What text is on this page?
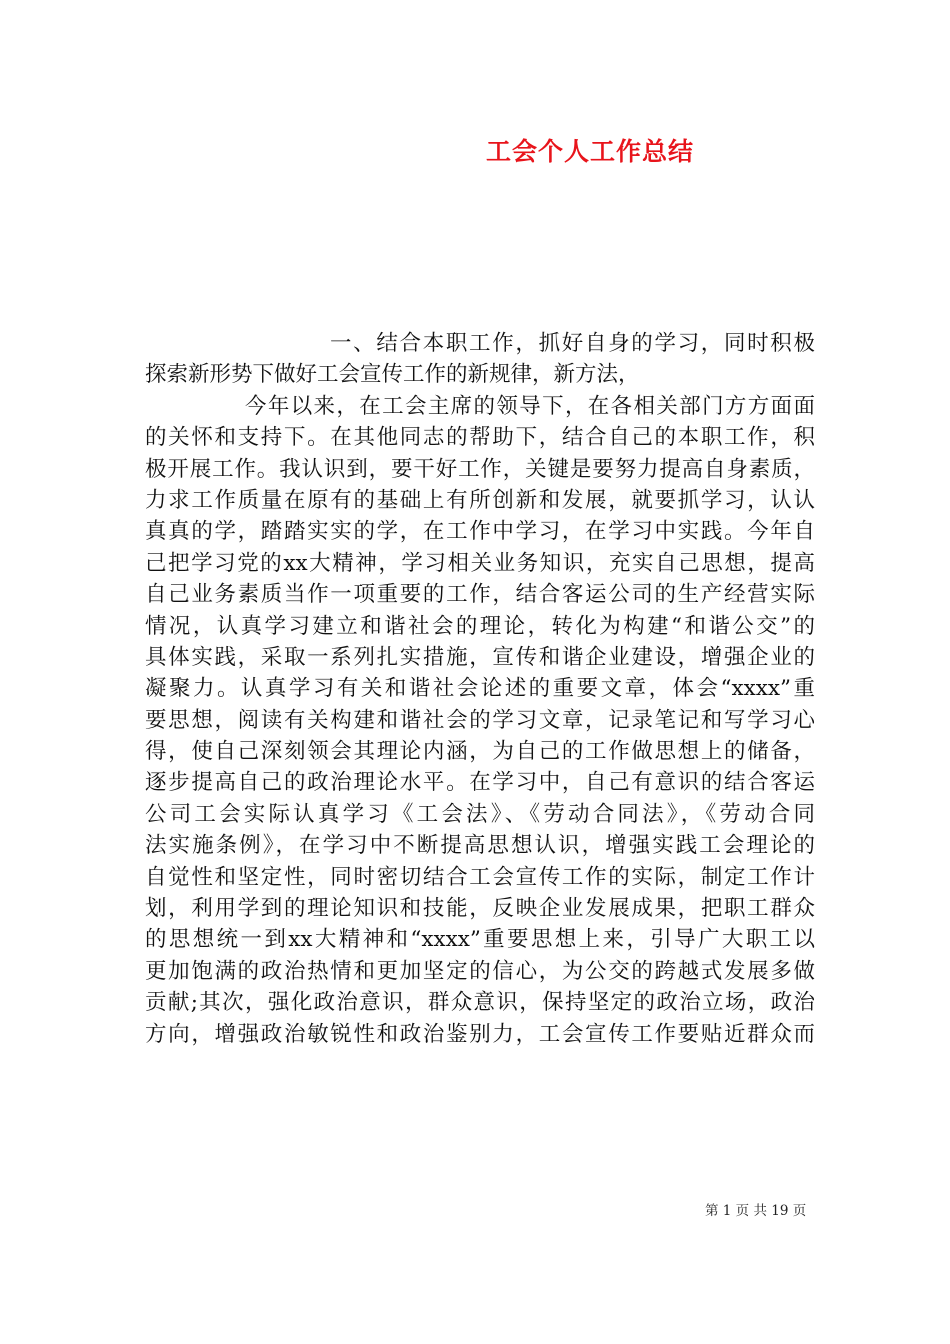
工会个人工作总结
一、结合本职工作，抓好自身的学习，同时积极
探索新形势下做好工会宣传工作的新规律，新方法，
今年以来，在工会主席的领导下，在各相关部门方方面面
的关怀和支持下。在其他同志的帮助下，结合自己的本职工作，积
极开展工作。我认识到，要干好工作，关键是要努力提高自身素质，
力求工作质量在原有的基础上有所创新和发展，就要抓学习，认认
真真的学，踏踏实实的学，在工作中学习，在学习中实践。今年自
己把学习党的xx大精神，学习相关业务知识，充实自己思想，提高
自己业务素质当作一项重要的工作，结合客运公司的生产经营实际
情况，认真学习建立和谐社会的理论，转化为构建“和谐公交”的
具体实践，采取一系列扎实措施，宣传和谐企业建设，增强企业的
凝聚力。认真学习有关和谐社会论述的重要文章，体会“xxxx”重
要思想，阅读有关构建和谐社会的学习文章，记录笔记和写学习心
得，使自己深刻领会其理论内涵，为自己的工作做思想上的储备，
逐步提高自己的政治理论水平。在学习中，自己有意识的结合客运
公司工会实际认真学习《工会法》、《劳动合同法》，《劳动合同
法实施条例》，在学习中不断提高思想认识，增强实践工会理论的
自觉性和坚定性，同时密切结合工会宣传工作的实际，制定工作计
划，利用学到的理论知识和技能，反映企业发展成果，把职工群众
的思想统一到xx大精神和“xxxx”重要思想上来，引导广大职工以
更加饱满的政治热情和更加坚定的信心，为公交的跨越式发展多做
贡献;其次，强化政治意识，群众意识，保持坚定的政治立场，政治
方向，增强政治敏锐性和政治鉴别力，工会宣传工作要贴近群众而
第 1 页 共 19 页
